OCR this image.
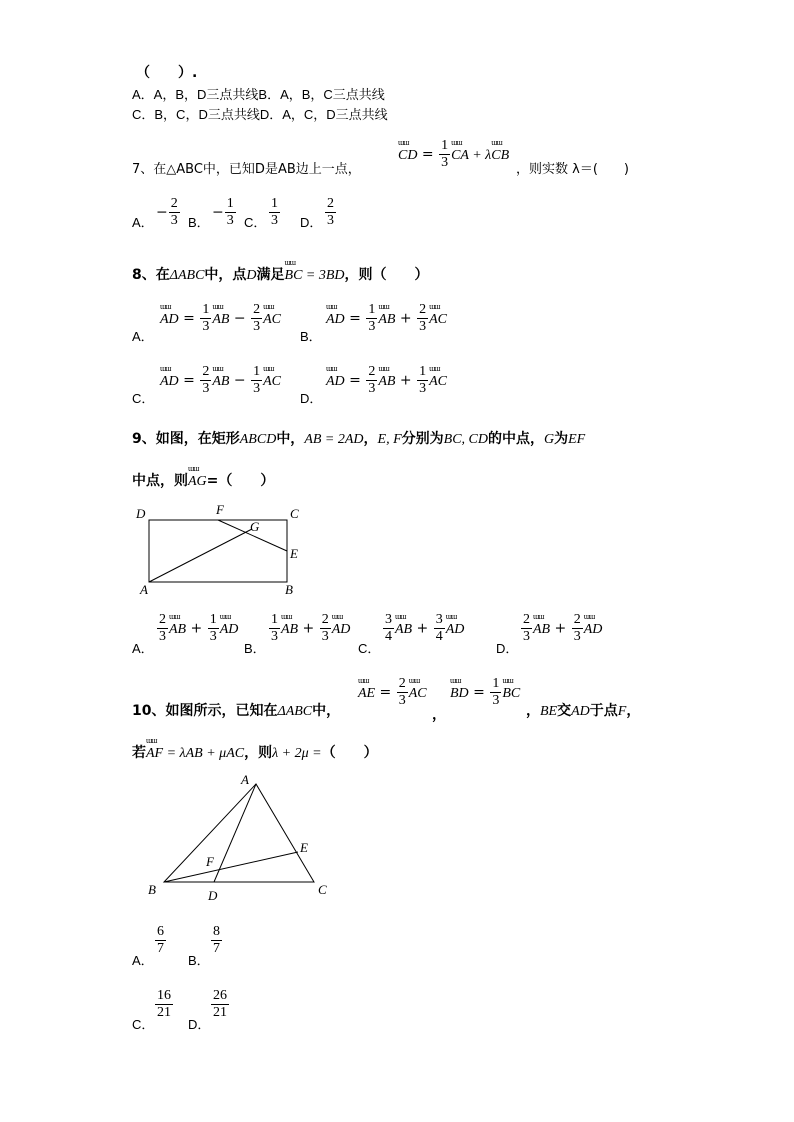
（　　）.
A．A，B，D三点共线B．A，B，C三点共线
C．B，C，D三点共线D．A，C，D三点共线
7、在△ABC中，已知D是AB边上一点，
ɯɯ CD = $\frac{1}{3}$ ɯɯ CA + λɯɯ CB
，则实数 λ＝(　　)
A．
− $\frac{2}{3}$ B．
− $\frac{1}{3}$ C． $\frac{1}{3}$ D． $\frac{2}{3}$
8、在ΔABC中，点D满足ɯɯ BC = 3BD，则（　　）
A．
ɯɯ AD = $\frac{1}{3}$ ɯɯ AB − $\frac{2}{3}$ ɯɯ AC
B．
ɯɯ AD = $\frac{1}{3}$ ɯɯ AB + $\frac{2}{3}$ ɯɯ AC
C．
ɯɯ AD = $\frac{2}{3}$ ɯɯ AB − $\frac{1}{3}$ ɯɯ AC
D．
ɯɯ AD = $\frac{2}{3}$ ɯɯ AB + $\frac{1}{3}$ ɯɯ AC
9、如图，在矩形ABCD中，AB = 2AD，E, F分别为BC, CD的中点，G为EF
中点，则ɯɯ AG=（　　）
D	F	C
G
E
A	B
A．
$\frac{2}{3}$ ɯɯ AB + $\frac{1}{3}$ ɯɯ AD
B．
$\frac{1}{3}$ ɯɯ AB + $\frac{2}{3}$ ɯɯ AD
C．
$\frac{3}{4}$ ɯɯ AB + $\frac{3}{4}$ ɯɯ AD
D．
$\frac{2}{3}$ ɯɯ AB + $\frac{2}{3}$ ɯɯ AD
10、如图所示，已知在ΔABC中，
ɯɯ AE = $\frac{2}{3}$ ɯɯ AC
，
ɯɯ BD = $\frac{1}{3}$ ɯɯ BC
，BE交AD于点F，
若ɯɯ AF = λAB + μAC，则λ + 2μ =（　　）
A
B	C
D
E
F
A．
$\frac{6}{7}$
B．
$\frac{8}{7}$
C．
$\frac{16}{21}$
D．
$\frac{26}{21}$
